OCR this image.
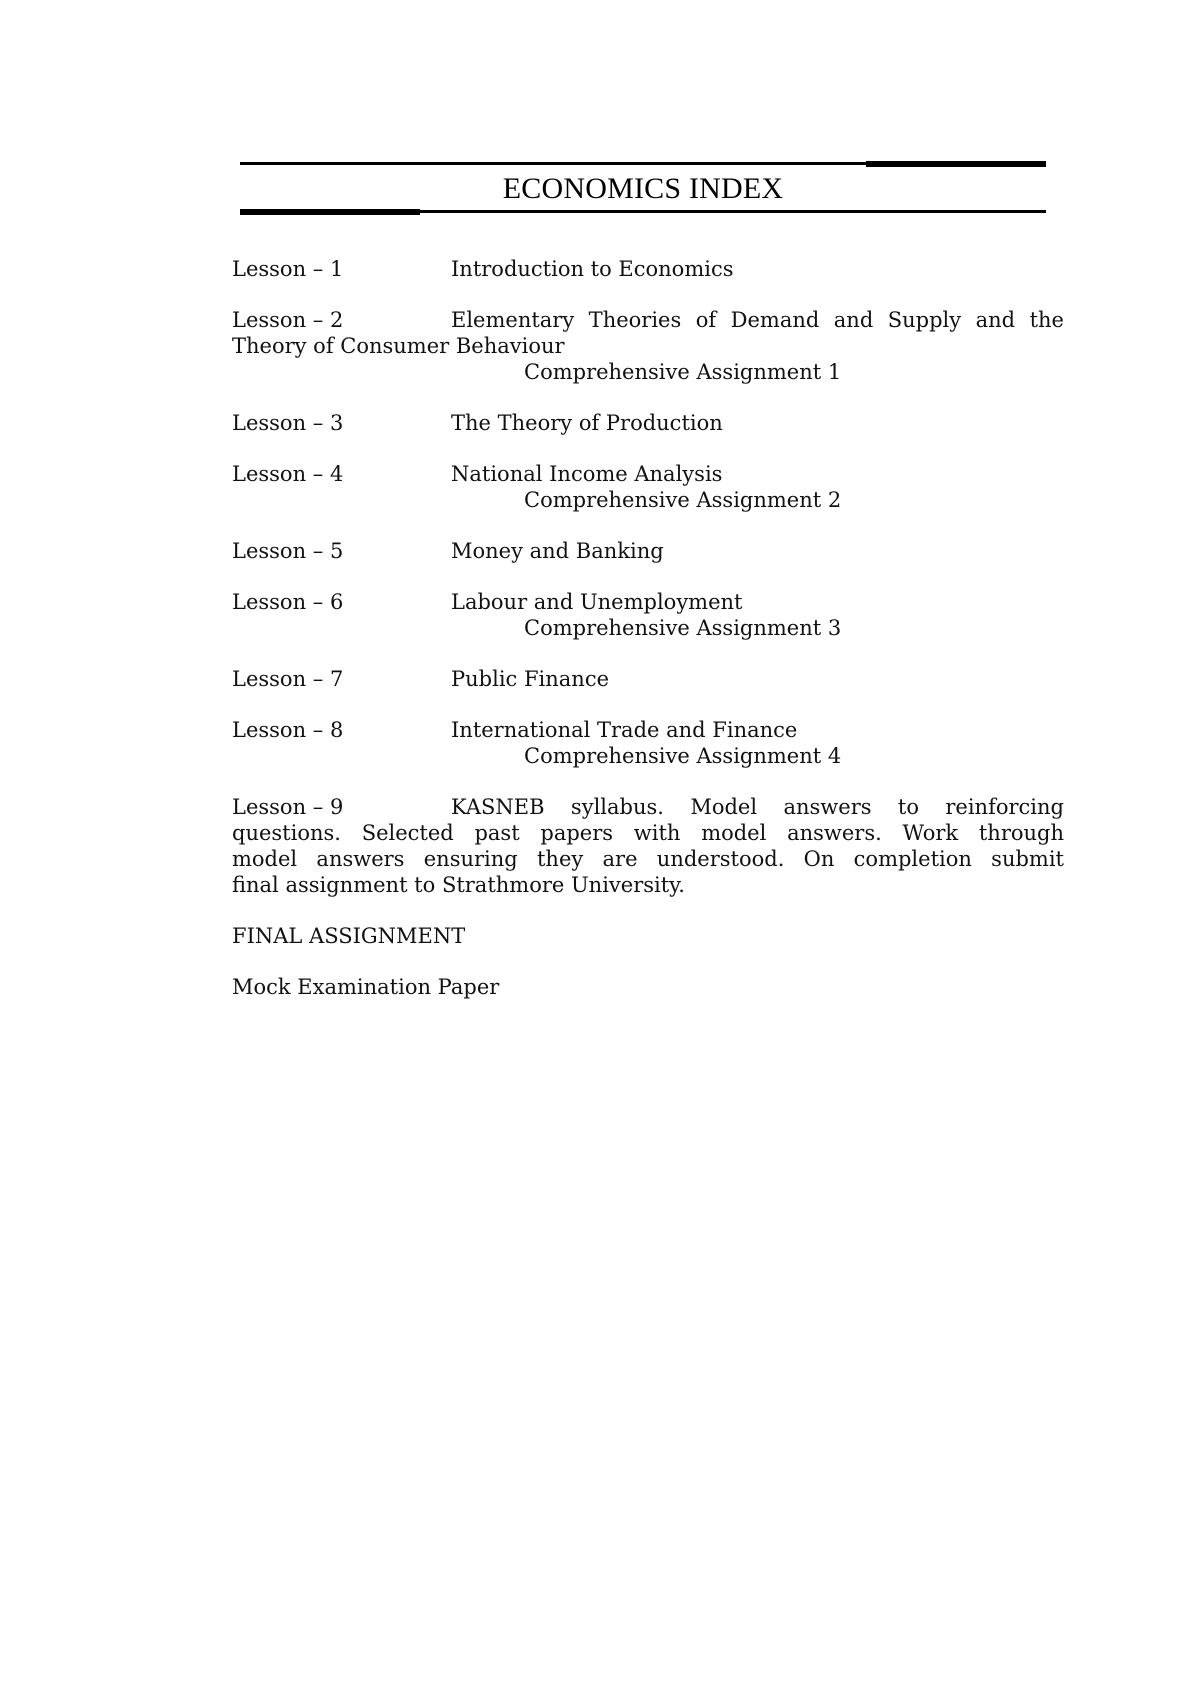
ECONOMICS INDEX
Lesson – 1	Introduction to Economics
Lesson – 2	Elementary Theories of Demand and Supply and the
Theory of Consumer Behaviour
Comprehensive Assignment 1
Lesson – 3	The Theory of Production
Lesson – 4	National Income Analysis
Comprehensive Assignment 2
Lesson – 5	Money and Banking
Lesson – 6	Labour and Unemployment
Comprehensive Assignment 3
Lesson – 7	Public Finance
Lesson – 8	International Trade and Finance
Comprehensive Assignment 4
Lesson – 9	KASNEB syllabus. Model answers to reinforcing
questions. Selected past papers with model answers. Work through
model answers ensuring they are understood. On completion submit
final assignment to Strathmore University.
FINAL ASSIGNMENT
Mock Examination Paper
